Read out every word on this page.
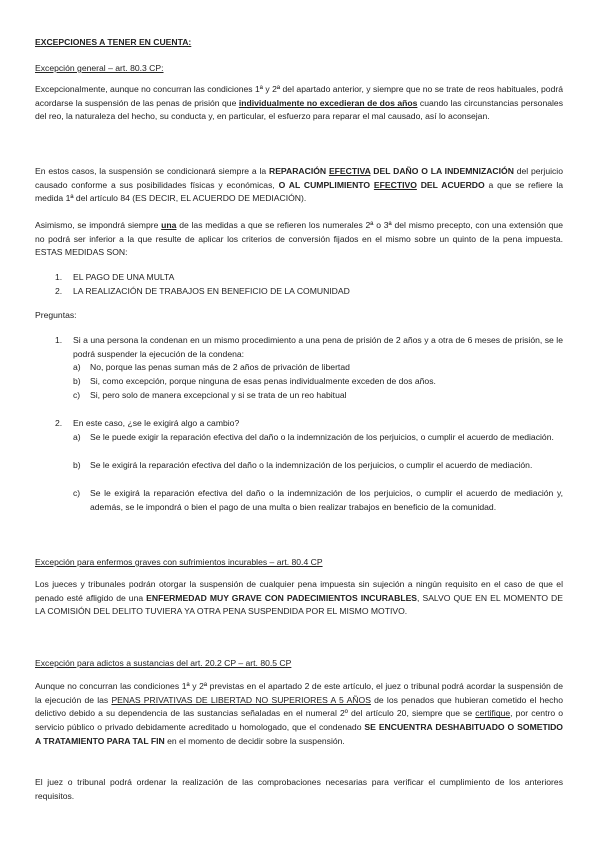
EXCEPCIONES A TENER EN CUENTA:
Excepción general – art. 80.3 CP:
Excepcionalmente, aunque no concurran las condiciones 1ª y 2ª del apartado anterior, y siempre que no se trate de reos habituales, podrá acordarse la suspensión de las penas de prisión que individualmente no excedieran de dos años cuando las circunstancias personales del reo, la naturaleza del hecho, su conducta y, en particular, el esfuerzo para reparar el mal causado, así lo aconsejan.
En estos casos, la suspensión se condicionará siempre a la REPARACIÓN EFECTIVA DEL DAÑO O LA INDEMNIZACIÓN del perjuicio causado conforme a sus posibilidades físicas y económicas, O AL CUMPLIMIENTO EFECTIVO DEL ACUERDO a que se refiere la medida 1ª del artículo 84 (ES DECIR, EL ACUERDO DE MEDIACIÓN).
Asimismo, se impondrá siempre una de las medidas a que se refieren los numerales 2ª o 3ª del mismo precepto, con una extensión que no podrá ser inferior a la que resulte de aplicar los criterios de conversión fijados en el mismo sobre un quinto de la pena impuesta. ESTAS MEDIDAS SON:
1. EL PAGO DE UNA MULTA
2. LA REALIZACIÓN DE TRABAJOS EN BENEFICIO DE LA COMUNIDAD
Preguntas:
1. Si a una persona la condenan en un mismo procedimiento a una pena de prisión de 2 años y a otra de 6 meses de prisión, se le podrá suspender la ejecución de la condena:
a) No, porque las penas suman más de 2 años de privación de libertad
b) Si, como excepción, porque ninguna de esas penas individualmente exceden de dos años.
c) Si, pero solo de manera excepcional y si se trata de un reo habitual
2. En este caso, ¿se le exigirá algo a cambio?
a) Se le puede exigir la reparación efectiva del daño o la indemnización de los perjuicios, o cumplir el acuerdo de mediación.
b) Se le exigirá la reparación efectiva del daño o la indemnización de los perjuicios, o cumplir el acuerdo de mediación.
c) Se le exigirá la reparación efectiva del daño o la indemnización de los perjuicios, o cumplir el acuerdo de mediación y, además, se le impondrá o bien el pago de una multa o bien realizar trabajos en beneficio de la comunidad.
Excepción para enfermos graves con sufrimientos incurables – art. 80.4 CP
Los jueces y tribunales podrán otorgar la suspensión de cualquier pena impuesta sin sujeción a ningún requisito en el caso de que el penado esté afligido de una ENFERMEDAD MUY GRAVE CON PADECIMIENTOS INCURABLES, SALVO QUE EN EL MOMENTO DE LA COMISIÓN DEL DELITO TUVIERA YA OTRA PENA SUSPENDIDA POR EL MISMO MOTIVO.
Excepción para adictos a sustancias del art. 20.2 CP – art. 80.5 CP
Aunque no concurran las condiciones 1ª y 2ª previstas en el apartado 2 de este artículo, el juez o tribunal podrá acordar la suspensión de la ejecución de las PENAS PRIVATIVAS DE LIBERTAD NO SUPERIORES A 5 AÑOS de los penados que hubieran cometido el hecho delictivo debido a su dependencia de las sustancias señaladas en el numeral 2º del artículo 20, siempre que se certifique, por centro o servicio público o privado debidamente acreditado u homologado, que el condenado SE ENCUENTRA DESHABITUADO O SOMETIDO A TRATAMIENTO PARA TAL FIN en el momento de decidir sobre la suspensión.
El juez o tribunal podrá ordenar la realización de las comprobaciones necesarias para verificar el cumplimiento de los anteriores requisitos.
